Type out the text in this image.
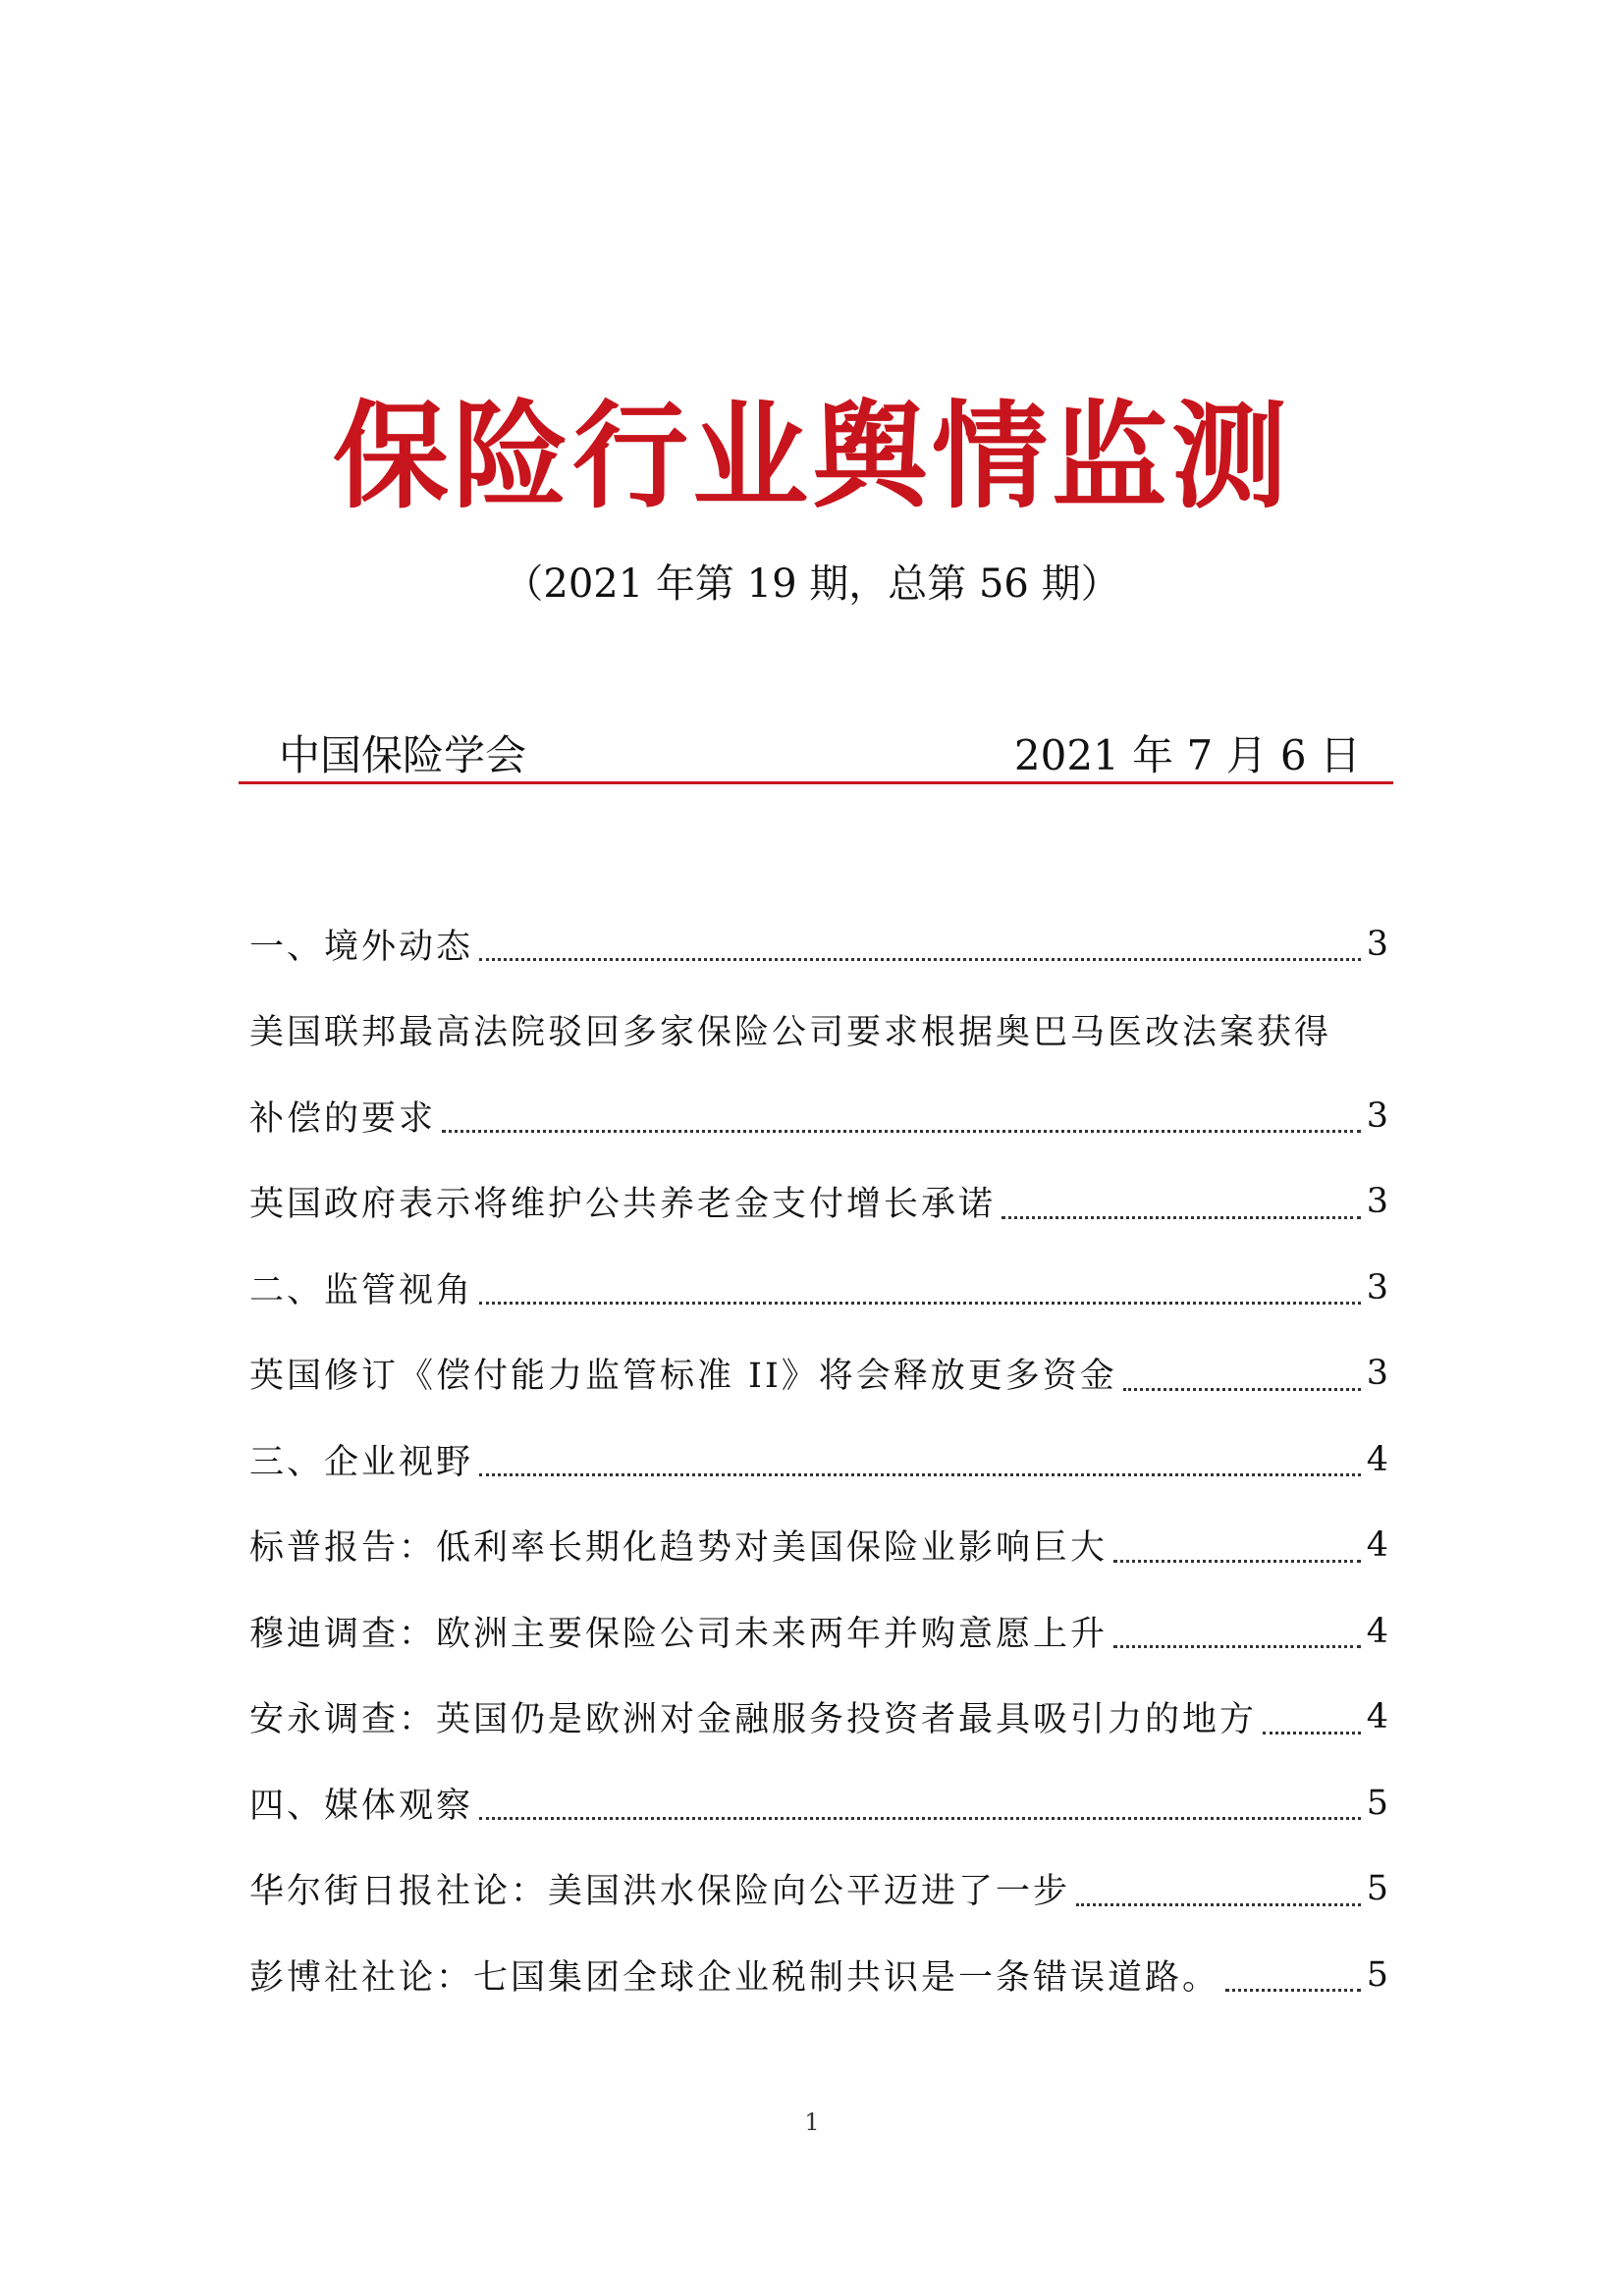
保险行业舆情监测
（2021 年第 19 期，总第 56 期）
中国保险学会	2021 年 7 月 6 日
一、境外动态	3
美国联邦最高法院驳回多家保险公司要求根据奥巴马医改法案获得
补偿的要求	3
英国政府表示将维护公共养老金支付增长承诺	3
二、监管视角	3
英国修订《偿付能力监管标准 II》将会释放更多资金	3
三、企业视野	4
标普报告：低利率长期化趋势对美国保险业影响巨大	4
穆迪调查：欧洲主要保险公司未来两年并购意愿上升	4
安永调查：英国仍是欧洲对金融服务投资者最具吸引力的地方	4
四、媒体观察	5
华尔街日报社论：美国洪水保险向公平迈进了一步	5
彭博社社论：七国集团全球企业税制共识是一条错误道路。	5
1
